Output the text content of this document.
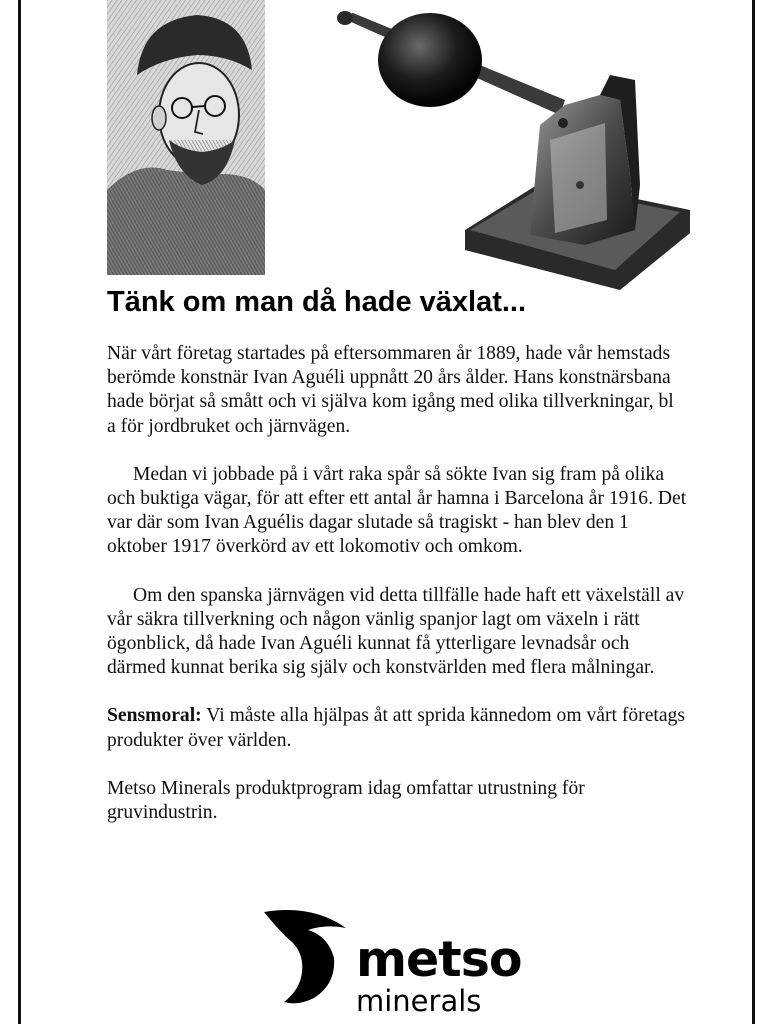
Tänk om man då hade växlat...

När vårt företag startades på eftersommaren år 1889, hade vår hemstads berömde konstnär Ivan Aguéli uppnått 20 års ålder. Hans konstnärsbana hade börjat så smått och vi själva kom igång med olika tillverkningar, bl a för jordbruket och järnvägen.

Medan vi jobbade på i vårt raka spår så sökte Ivan sig fram på olika och buktiga vägar, för att efter ett antal år hamna i Barcelona år 1916. Det var där som Ivan Aguélis dagar slutade så tragiskt - han blev den 1 oktober 1917 överkörd av ett lokomotiv och omkom.

Om den spanska järnvägen vid detta tillfälle hade haft ett växelställ av vår säkra tillverkning och någon vänlig spanjor lagt om växeln i rätt ögonblick, då hade Ivan Aguéli kunnat få ytterligare levnadsår och därmed kunnat berika sig själv och konstvärlden med flera målningar.

Sensmoral: Vi måste alla hjälpas åt att sprida kännedom om vårt företags produkter över världen.

Metso Minerals produktprogram idag omfattar utrustning för gruvindustrin.

metso
minerals
